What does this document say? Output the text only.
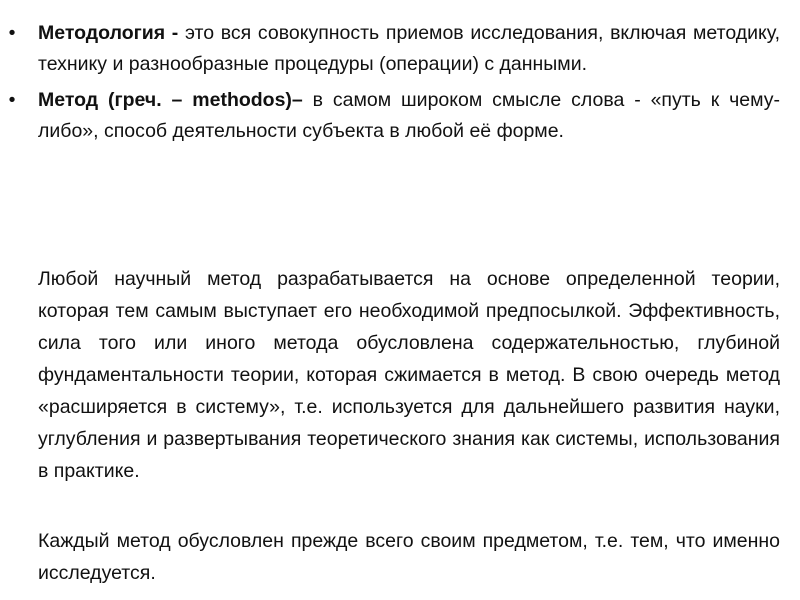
• Методология - это вся совокупность приемов исследования, включая методику, технику и разнообразные процедуры (операции) с данными.
• Метод (греч. – methodos)– в самом широком смысле слова - «путь к чему-либо», способ деятельности субъекта в любой её форме.

Любой научный метод разрабатывается на основе определенной теории, которая тем самым выступает его необходимой предпосылкой. Эффективность, сила того или иного метода обусловлена содержательностью, глубиной фундаментальности теории, которая сжимается в метод. В свою очередь метод «расширяется в систему», т.е. используется для дальнейшего развития науки, углубления и развертывания теоретического знания как системы, использования в практике.

Каждый метод обусловлен прежде всего своим предметом, т.е. тем, что именно исследуется.
